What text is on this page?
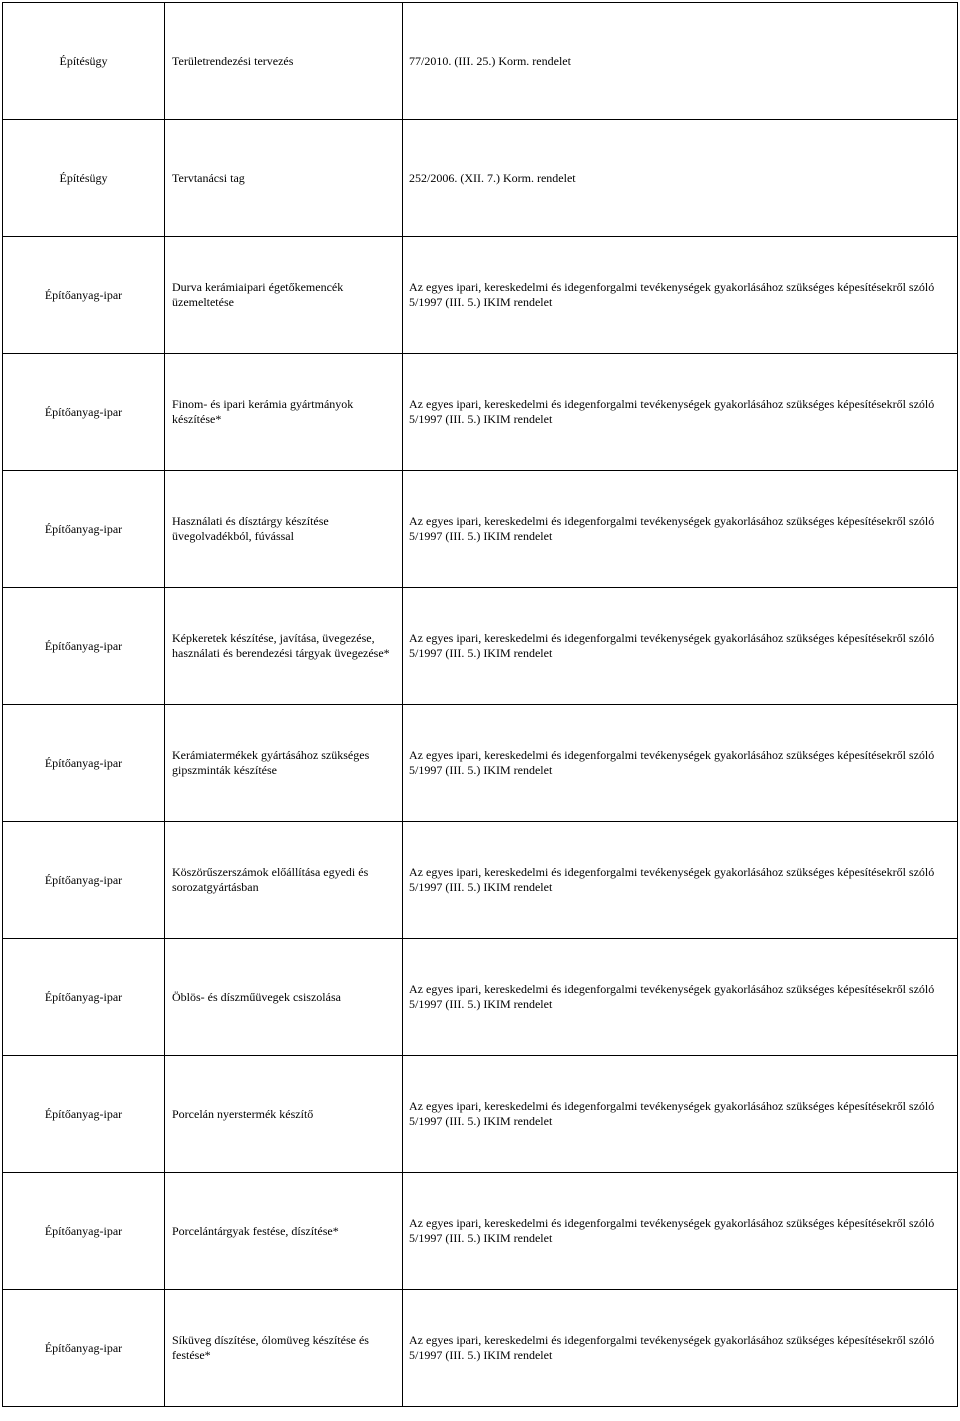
Építésügy	Területrendezési tervezés	77/2010. (III. 25.) Korm. rendelet
Építésügy	Tervtanácsi tag	252/2006. (XII. 7.) Korm. rendelet
Építőanyag-ipar	Durva kerámiaipari égetőkemencék üzemeltetése	Az egyes ipari, kereskedelmi és idegenforgalmi tevékenységek gyakorlásához szükséges képesítésekről szóló 5/1997 (III. 5.) IKIM rendelet
Építőanyag-ipar	Finom- és ipari kerámia gyártmányok készítése*	Az egyes ipari, kereskedelmi és idegenforgalmi tevékenységek gyakorlásához szükséges képesítésekről szóló 5/1997 (III. 5.) IKIM rendelet
Építőanyag-ipar	Használati és dísztárgy készítése üvegolvadékból, fúvással	Az egyes ipari, kereskedelmi és idegenforgalmi tevékenységek gyakorlásához szükséges képesítésekről szóló 5/1997 (III. 5.) IKIM rendelet
Építőanyag-ipar	Képkeretek készítése, javítása, üvegezése, használati és berendezési tárgyak üvegezése*	Az egyes ipari, kereskedelmi és idegenforgalmi tevékenységek gyakorlásához szükséges képesítésekről szóló 5/1997 (III. 5.) IKIM rendelet
Építőanyag-ipar	Kerámiatermékek gyártásához szükséges gipszminták készítése	Az egyes ipari, kereskedelmi és idegenforgalmi tevékenységek gyakorlásához szükséges képesítésekről szóló 5/1997 (III. 5.) IKIM rendelet
Építőanyag-ipar	Köszörűszerszámok előállítása egyedi és sorozatgyártásban	Az egyes ipari, kereskedelmi és idegenforgalmi tevékenységek gyakorlásához szükséges képesítésekről szóló 5/1997 (III. 5.) IKIM rendelet
Építőanyag-ipar	Öblös- és díszműüvegek csiszolása	Az egyes ipari, kereskedelmi és idegenforgalmi tevékenységek gyakorlásához szükséges képesítésekről szóló 5/1997 (III. 5.) IKIM rendelet
Építőanyag-ipar	Porcelán nyerstermék készítő	Az egyes ipari, kereskedelmi és idegenforgalmi tevékenységek gyakorlásához szükséges képesítésekről szóló 5/1997 (III. 5.) IKIM rendelet
Építőanyag-ipar	Porcelántárgyak festése, díszítése*	Az egyes ipari, kereskedelmi és idegenforgalmi tevékenységek gyakorlásához szükséges képesítésekről szóló 5/1997 (III. 5.) IKIM rendelet
Építőanyag-ipar	Síküveg díszítése, ólomüveg készítése és festése*	Az egyes ipari, kereskedelmi és idegenforgalmi tevékenységek gyakorlásához szükséges képesítésekről szóló 5/1997 (III. 5.) IKIM rendelet
